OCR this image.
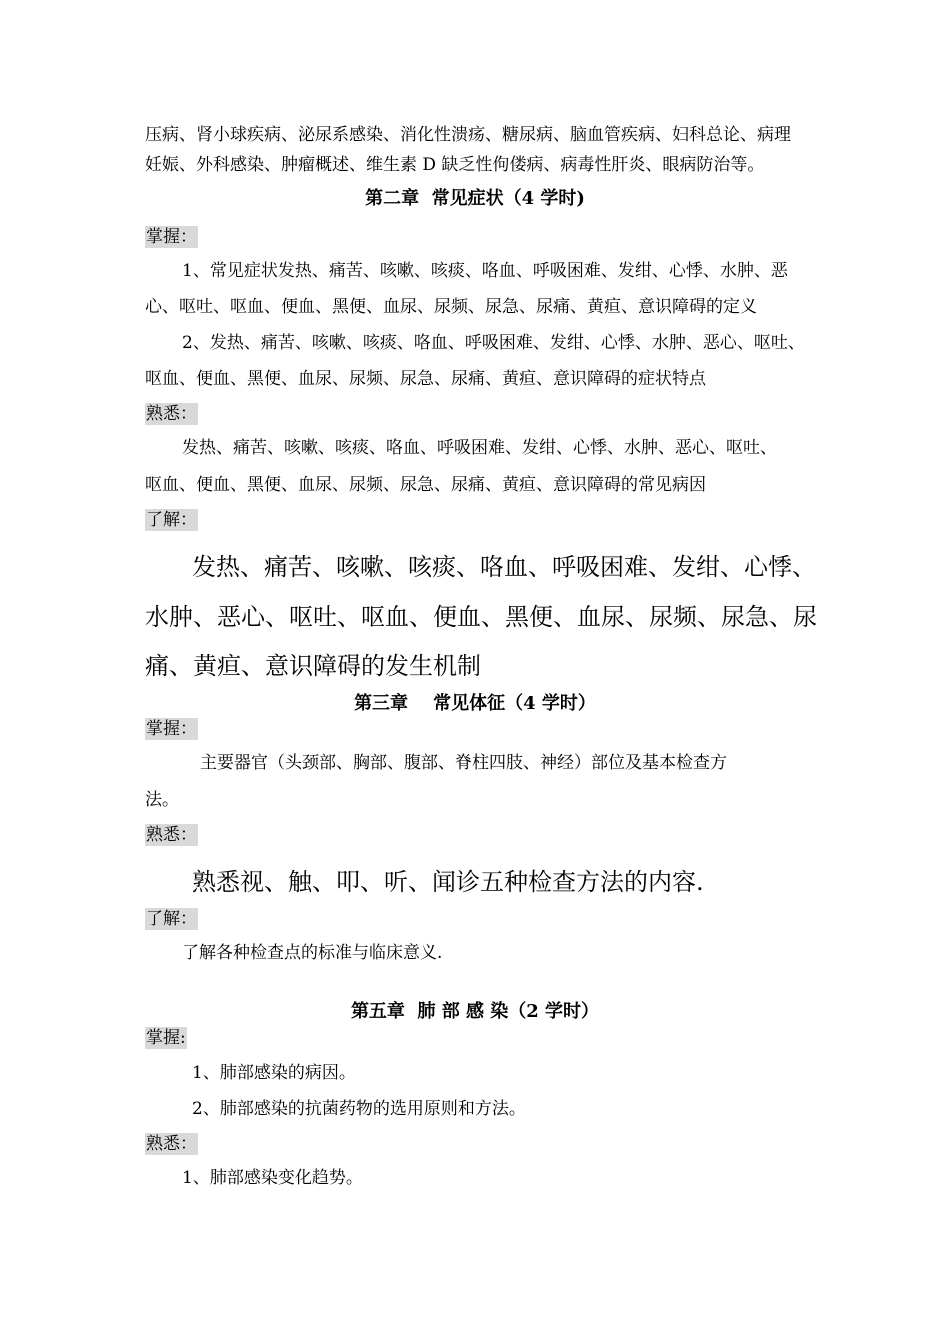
压病、肾小球疾病、泌尿系感染、消化性溃疡、糖尿病、脑血管疾病、妇科总论、病理
妊娠、外科感染、肿瘤概述、维生素 D 缺乏性佝偻病、病毒性肝炎、眼病防治等。
第二章  常见症状（4 学时)
掌握：
1、常见症状发热、痛苦、咳嗽、咳痰、咯血、呼吸困难、发绀、心悸、水肿、恶
心、呕吐、呕血、便血、黑便、血尿、尿频、尿急、尿痛、黄疸、意识障碍的定义
2、发热、痛苦、咳嗽、咳痰、咯血、呼吸困难、发绀、心悸、水肿、恶心、呕吐、
呕血、便血、黑便、血尿、尿频、尿急、尿痛、黄疸、意识障碍的症状特点
熟悉：
发热、痛苦、咳嗽、咳痰、咯血、呼吸困难、发绀、心悸、水肿、恶心、呕吐、
呕血、便血、黑便、血尿、尿频、尿急、尿痛、黄疸、意识障碍的常见病因
了解：
发热、痛苦、咳嗽、咳痰、咯血、呼吸困难、发绀、心悸、
水肿、恶心、呕吐、呕血、便血、黑便、血尿、尿频、尿急、尿
痛、黄疸、意识障碍的发生机制
第三章    常见体征（4 学时）
掌握：
主要器官（头颈部、胸部、腹部、脊柱四肢、神经）部位及基本检查方
法。
熟悉：
熟悉视、触、叩、听、闻诊五种检查方法的内容.
了解：
了解各种检查点的标准与临床意义.
第五章  肺 部 感 染（2 学时）
掌握:
1、肺部感染的病因。
2、肺部感染的抗菌药物的选用原则和方法。
熟悉：
1、肺部感染变化趋势。
